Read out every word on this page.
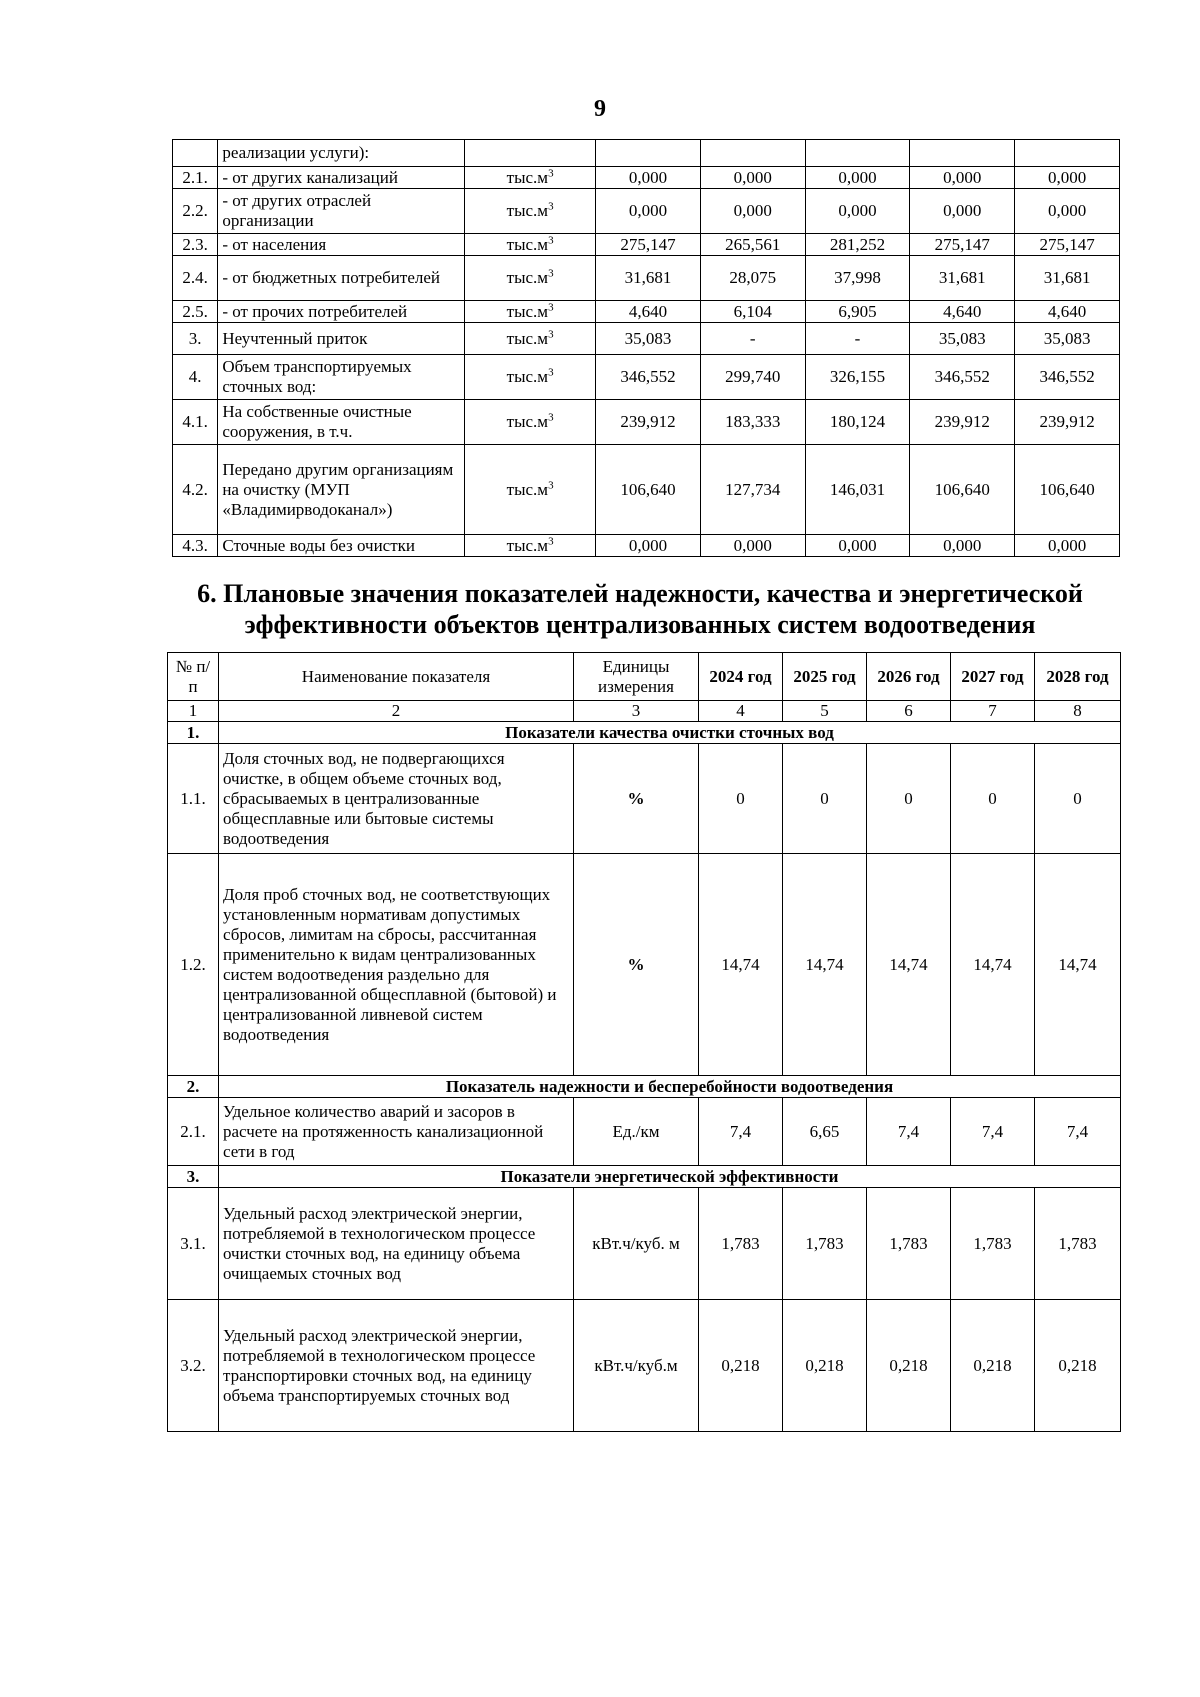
9
	реализации услуги):						
2.1.	- от других канализаций	$тыс.м^3$	0,000	0,000	0,000	0,000	0,000
2.2.	- от других отраслей организации	$тыс.м^3$	0,000	0,000	0,000	0,000	0,000
2.3.	- от населения	$тыс.м^3$	275,147	265,561	281,252	275,147	275,147
2.4.	- от бюджетных потребителей	$тыс.м^3$	31,681	28,075	37,998	31,681	31,681
2.5.	- от прочих потребителей	$тыс.м^3$	4,640	6,104	6,905	4,640	4,640
3.	Неучтенный приток	$тыс.м^3$	35,083	-	-	35,083	35,083
4.	Объем транспортируемых сточных вод:	$тыс.м^3$	346,552	299,740	326,155	346,552	346,552
4.1.	На собственные очистные сооружения, в т.ч.	$тыс.м^3$	239,912	183,333	180,124	239,912	239,912
4.2.	Передано другим организациям на очистку (МУП «Владимирводоканал»)	$тыс.м^3$	106,640	127,734	146,031	106,640	106,640
4.3.	Сточные воды без очистки	$тыс.м^3$	0,000	0,000	0,000	0,000	0,000
6. Плановые значения показателей надежности, качества и энергетической эффективности объектов централизованных систем водоотведения
№ п/п	Наименование показателя	Единицы измерения	2024 год	2025 год	2026 год	2027 год	2028 год
1	2	3	4	5	6	7	8
1.	Показатели качества очистки сточных вод						
1.1.	Доля сточных вод, не подвергающихся очистке, в общем объеме сточных вод, сбрасываемых в централизованные общесплавные или бытовые системы водоотведения	%	0	0	0	0	0
1.2.	Доля проб сточных вод, не соответствующих установленным нормативам допустимых сбросов, лимитам на сбросы, рассчитанная применительно к видам централизованных систем водоотведения раздельно для централизованной общесплавной (бытовой) и централизованной ливневой систем водоотведения	%	14,74	14,74	14,74	14,74	14,74
2.	Показатель надежности и бесперебойности водоотведения						
2.1.	Удельное количество аварий и засоров в расчете на протяженность канализационной сети в год	Ед./км	7,4	6,65	7,4	7,4	7,4
3.	Показатели энергетической эффективности						
3.1.	Удельный расход электрической энергии, потребляемой в технологическом процессе очистки сточных вод, на единицу объема очищаемых сточных вод	кВт.ч/куб. м	1,783	1,783	1,783	1,783	1,783
3.2.	Удельный расход электрической энергии, потребляемой в технологическом процессе транспортировки сточных вод, на единицу объема транспортируемых сточных вод	кВт.ч/куб.м	0,218	0,218	0,218	0,218	0,218
